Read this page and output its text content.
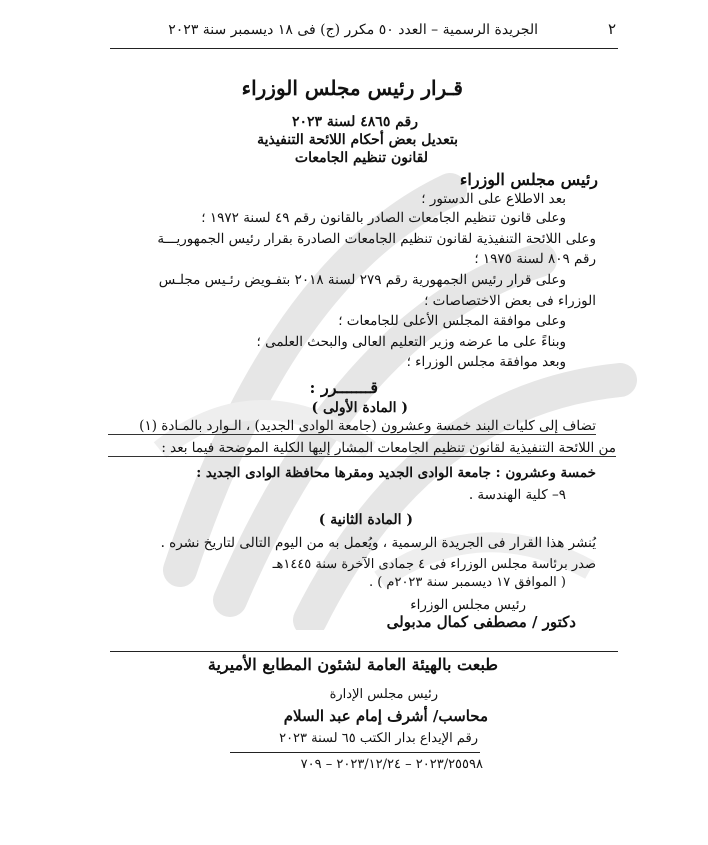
٢
الجريدة الرسمية – العدد ٥٠ مكرر (ج) فى ١٨ ديسمبر سنة ٢٠٢٣
قـرار رئيس مجلس الوزراء
رقم ٤٨٦٥ لسنة ٢٠٢٣
بتعديل بعض أحكام اللائحة التنفيذية
لقانون تنظيم الجامعات
رئيس مجلس الوزراء
بعد الاطلاع على الدستور ؛
وعلى قانون تنظيم الجامعات الصادر بالقانون رقم ٤٩ لسنة ١٩٧٢ ؛
وعلى اللائحة التنفيذية لقانون تنظيم الجامعات الصادرة بقرار رئيس الجمهوريـــة
رقم ٨٠٩ لسنة ١٩٧٥ ؛
وعلى قرار رئيس الجمهورية رقم ٢٧٩ لسنة ٢٠١٨ بتفـويض رئـيس مجلـس
الوزراء فى بعض الاختصاصات ؛
وعلى موافقة المجلس الأعلى للجامعات ؛
وبناءً على ما عرضه وزير التعليم العالى والبحث العلمى ؛
وبعد موافقة مجلس الوزراء ؛
قـــــــرر :
( المادة الأولى )
تضاف إلى كليات البند خمسة وعشرون (جامعة الوادى الجديد) ، الـوارد بالمـادة (١)
من اللائحة التنفيذية لقانون تنظيم الجامعات المشار إليها الكلية الموضحة فيما بعد :
خمسة وعشرون : جامعة الوادى الجديد ومقرها محافظة الوادى الجديد :
٩– كلية الهندسة .
( المادة الثانية )
يُنشر هذا القرار فى الجريدة الرسمية ، ويُعمل به من اليوم التالى لتاريخ نشره .
صدر برئاسة مجلس الوزراء فى ٤ جمادى الآخرة سنة ١٤٤٥هـ
( الموافق ١٧ ديسمبر سنة ٢٠٢٣م ) .
رئيس مجلس الوزراء
دكتور / مصطفى كمال مدبولى
طبعت بالهيئة العامة لشئون المطابع الأميرية
رئيس مجلس الإدارة
محاسب/ أشرف إمام عبد السلام
رقم الإيداع بدار الكتب ٦٥ لسنة ٢٠٢٣
٢٠٢٣/٢٥٥٩٨ – ٢٠٢٣/١٢/٢٤ – ٧٠٩
